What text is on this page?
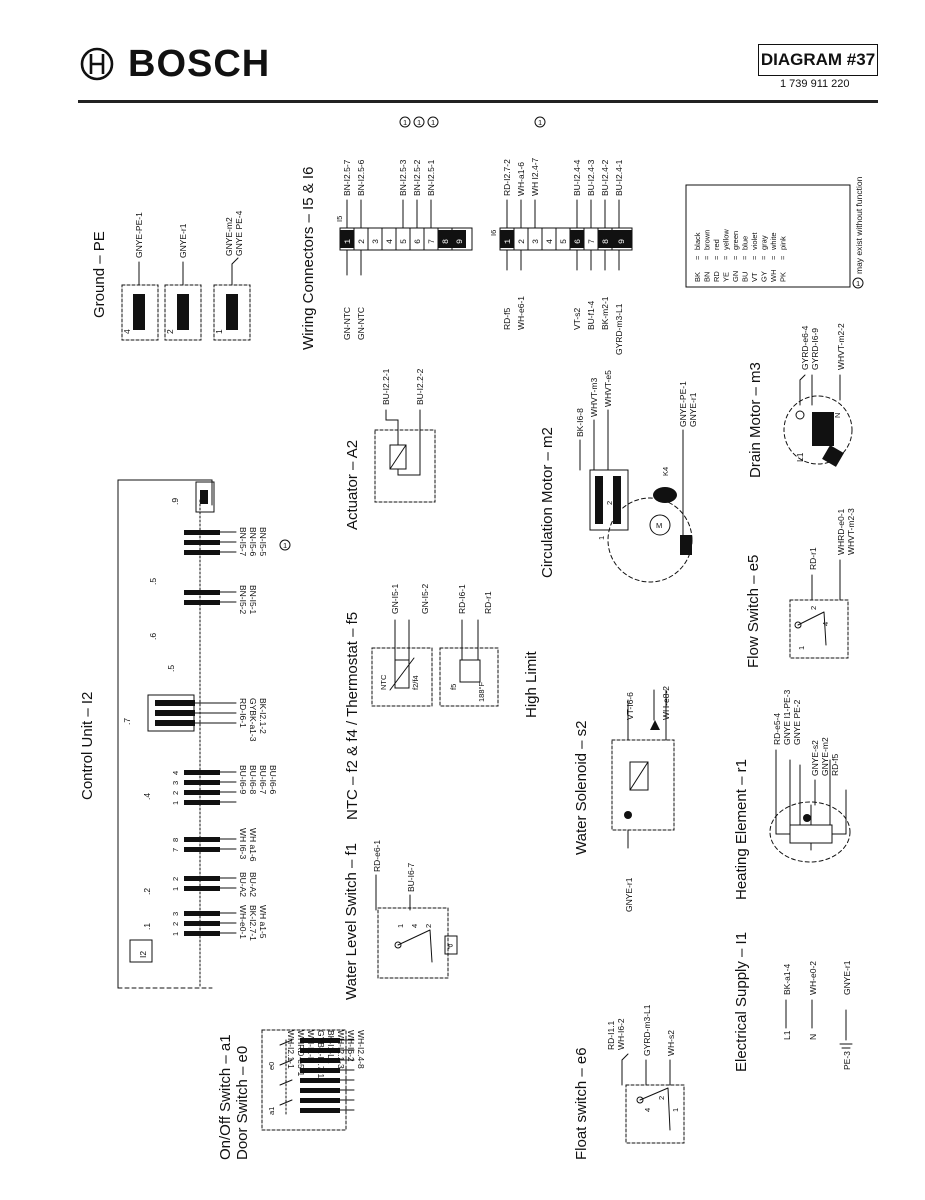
BOSCH	DIAGRAM #37
1 739 911 220
Ground – PE
4	2	1
GNYE-PE-1	GNYE-r1	GNYE-m2 GNYE PE-4	Wiring Connectors – I5 & I6	1 2 3 4 5 6 7 8 9
I5
GN-NTC GN-NTC
BN-I2.5-7 BN-I2.5-6	BN-I2.5-3 BN-I2.5-2 BN-I2.5-1
1 1 1
1 2 3 4 5 6 7 8 9
I6
RD-f5 WH-e6-1	VT-s2 BU-f1-4 BK-m2-1 GYRD-m3-L1
RD-I2.7-2 WH-a1-6 WH I2.4-7	BU-I2.4-4 BU-I2.4-3 BU-I2.4-2 BU-I2.4-1
1
BK
=
black
BN
=
brown
RD
=
red
YE
=
yellow
GN
=
green
BU
=
blue
VT
=
violet
GY
=
gray
WH
=
white
PK
=
pink
1
may exist without function
Control Unit – I2
I2
.1
.2
.4
.7
.5
.6
.5
.9
3
2
1
2
1
8
7
4
3
2
1
WH-e0-1 BK-I2.7-1 WH a1-5
BU-A2 BU-A2
WH I6-3 WH a1-6
BU-I6-9 BU-I6-8 BU-I6-7 BU-I6-6
RD-I6-1 GYBK-a1-3 BK-I2.1-2
BN-I5-2 BN-I5-1
BN-I5-7 BN-I5-6 BN-I5-5 1
Actuator – A2
BU-I2.2-1	BU-I2.2-2
NTC – f2 & f4 / Thermostat – f5 NTC	f2/f4	f5	188°F
GN-I5-1 GN-I5-2	RD-I6-1 RD-r1
High Limit
Circulation Motor – m2	M
1
2
3
K4
BK-I6-8
WHVT-m3 WHVT-e5	GNYE-PE-1 GNYE-r1	Drain Motor – m3	L1
N
GYRD-e6-4 GYRD-I6-9 WHVT-m2-2
Water Level Switch – f1	P
1 4 2
RD-e6-1
BU-I6-7
Water Solenoid – s2
GNYE-r1
VT-I6-6	WH-e8-2
Flow Switch – e5	1
2
4
RD-r1
WHRD-e0-1 WHVT-m2-3
Heating Element – r1
RD-e5-4 GNYE I1-PE-3 GNYE PE-2
GNYE-s2 GNYE-m2 RD-f5
Electrical Supply – I1	L1 N
PE-3
BK-a1-4 WH-e0-2	GNYE-r1
On/Off Switch – a1 Door Switch – e0 a1
e0	WH-I2.4-8
WH-I6-2
WH-I2.1-3
BK-I1-L1
GYBK-I2.7-1
WH-I1-N
WHRD-e5-1
WH-I2.1-1	Float switch – e6	4
2
1
RD-I1.1 WH-I6-2 GYRD-m3-L1 WH-s2
